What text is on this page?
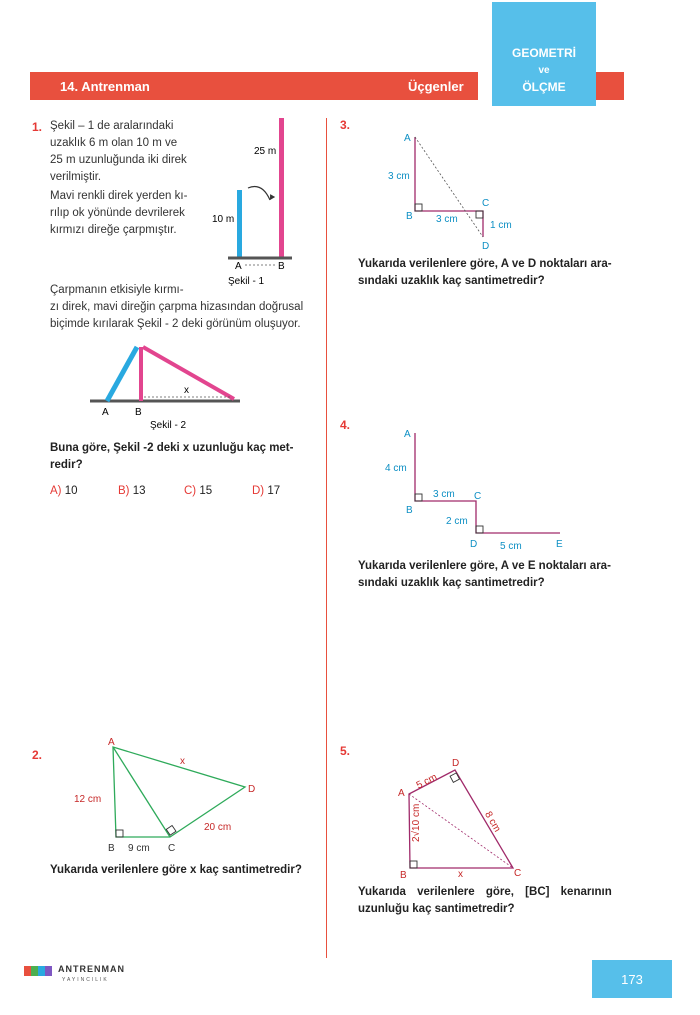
14. Antrenman	Üçgenler
GEOMETRİ
ve
ÖLÇME
1. Şekil – 1 de aralarındaki
uzaklık 6 m olan 10 m ve
25 m uzunluğunda iki direk
verilmiştir.
Mavi renkli direk yerden kı-
rılıp ok yönünde devrilerek
kırmızı direğe çarpmıştır.
Çarpmanın etkisiyle kırmı-
zı direk, mavi direğin çarpma hizasından doğrusal
biçimde kırılarak Şekil - 2 deki görünüm oluşuyor.
25 m
10 m
A	B
Şekil - 1
x
A	B
Şekil - 2
Buna göre, Şekil -2 deki x uzunluğu kaç met-
redir?
A) 10	B) 13	C) 15	D) 17
2.
A
B	C
D
12 cm
9 cm
20 cm
x
Yukarıda verilenlere göre x kaç santimetredir?
3.
A
B
C
D
3 cm
3 cm
1 cm
Yukarıda verilenlere göre, A ve D noktaları ara-
sındaki uzaklık kaç santimetredir?
4.
A
B
C
D	E
4 cm
3 cm
2 cm
5 cm
Yukarıda verilenlere göre, A ve E noktaları ara-
sındaki uzaklık kaç santimetredir?
5.
A
D
B	C
x
5 cm
8 cm
2√10 cm
Yukarıda verilenlere göre, [BC] kenarının
uzunluğu kaç santimetredir?
ANTRENMAN
YAYINCILIK	173
